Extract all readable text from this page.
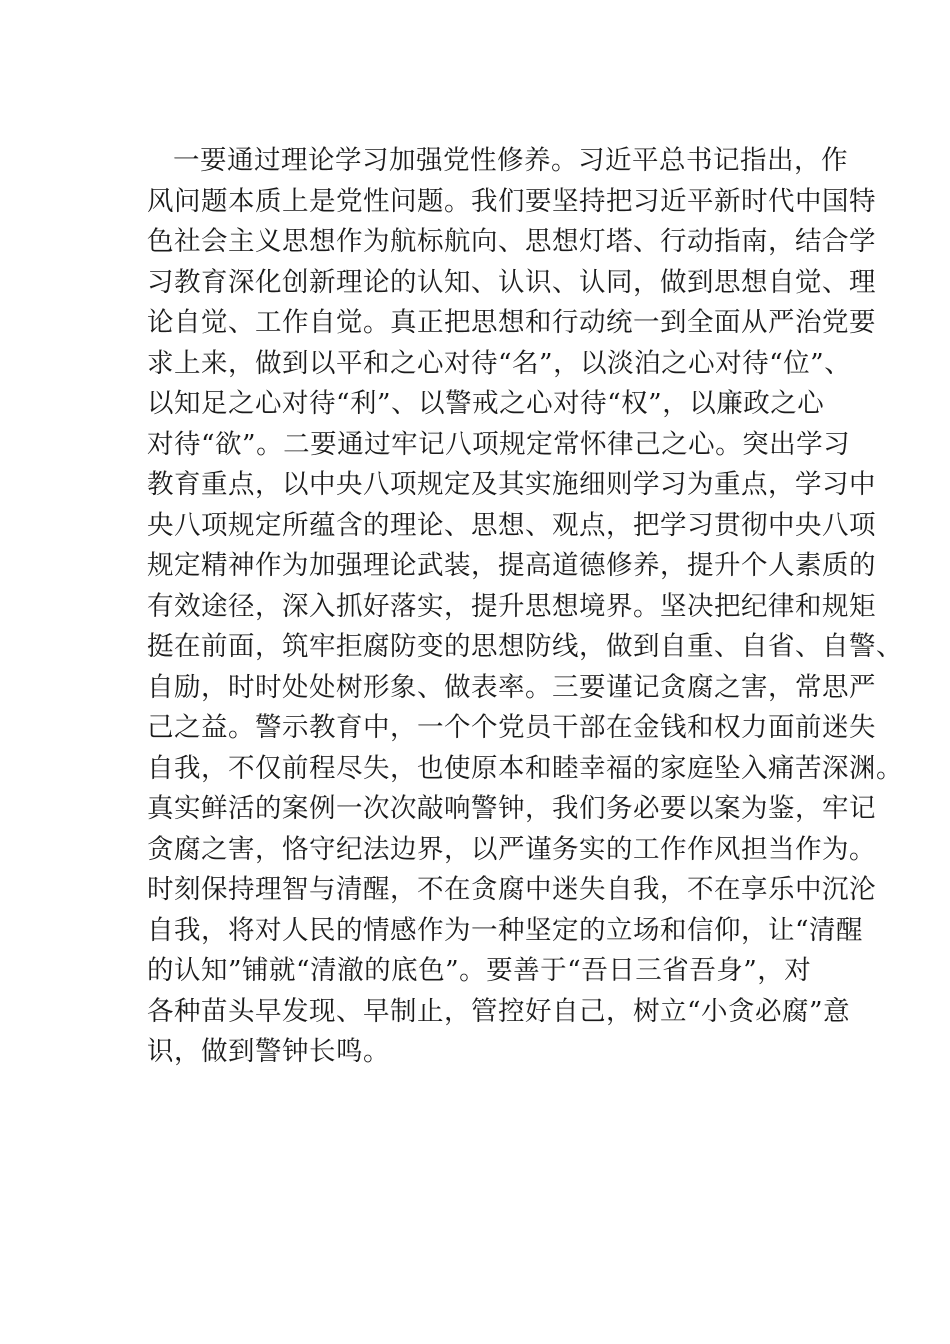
一要通过理论学习加强党性修养。习近平总书记指出，作
风问题本质上是党性问题。我们要坚持把习近平新时代中国特
色社会主义思想作为航标航向、思想灯塔、行动指南，结合学
习教育深化创新理论的认知、认识、认同，做到思想自觉、理
论自觉、工作自觉。真正把思想和行动统一到全面从严治党要
求上来，做到以平和之心对待“名”，以淡泊之心对待“位”、
以知足之心对待“利”、以警戒之心对待“权”，以廉政之心
对待“欲”。二要通过牢记八项规定常怀律己之心。突出学习
教育重点，以中央八项规定及其实施细则学习为重点，学习中
央八项规定所蕴含的理论、思想、观点，把学习贯彻中央八项
规定精神作为加强理论武装，提高道德修养，提升个人素质的
有效途径，深入抓好落实，提升思想境界。坚决把纪律和规矩
挺在前面，筑牢拒腐防变的思想防线，做到自重、自省、自警、
自励，时时处处树形象、做表率。三要谨记贪腐之害，常思严
己之益。警示教育中，一个个党员干部在金钱和权力面前迷失
自我，不仅前程尽失，也使原本和睦幸福的家庭坠入痛苦深渊。
真实鲜活的案例一次次敲响警钟，我们务必要以案为鉴，牢记
贪腐之害，恪守纪法边界，以严谨务实的工作作风担当作为。
时刻保持理智与清醒，不在贪腐中迷失自我，不在享乐中沉沦
自我，将对人民的情感作为一种坚定的立场和信仰，让“清醒
的认知”铺就“清澈的底色”。要善于“吾日三省吾身”，对
各种苗头早发现、早制止，管控好自己，树立“小贪必腐”意
识，做到警钟长鸣。
